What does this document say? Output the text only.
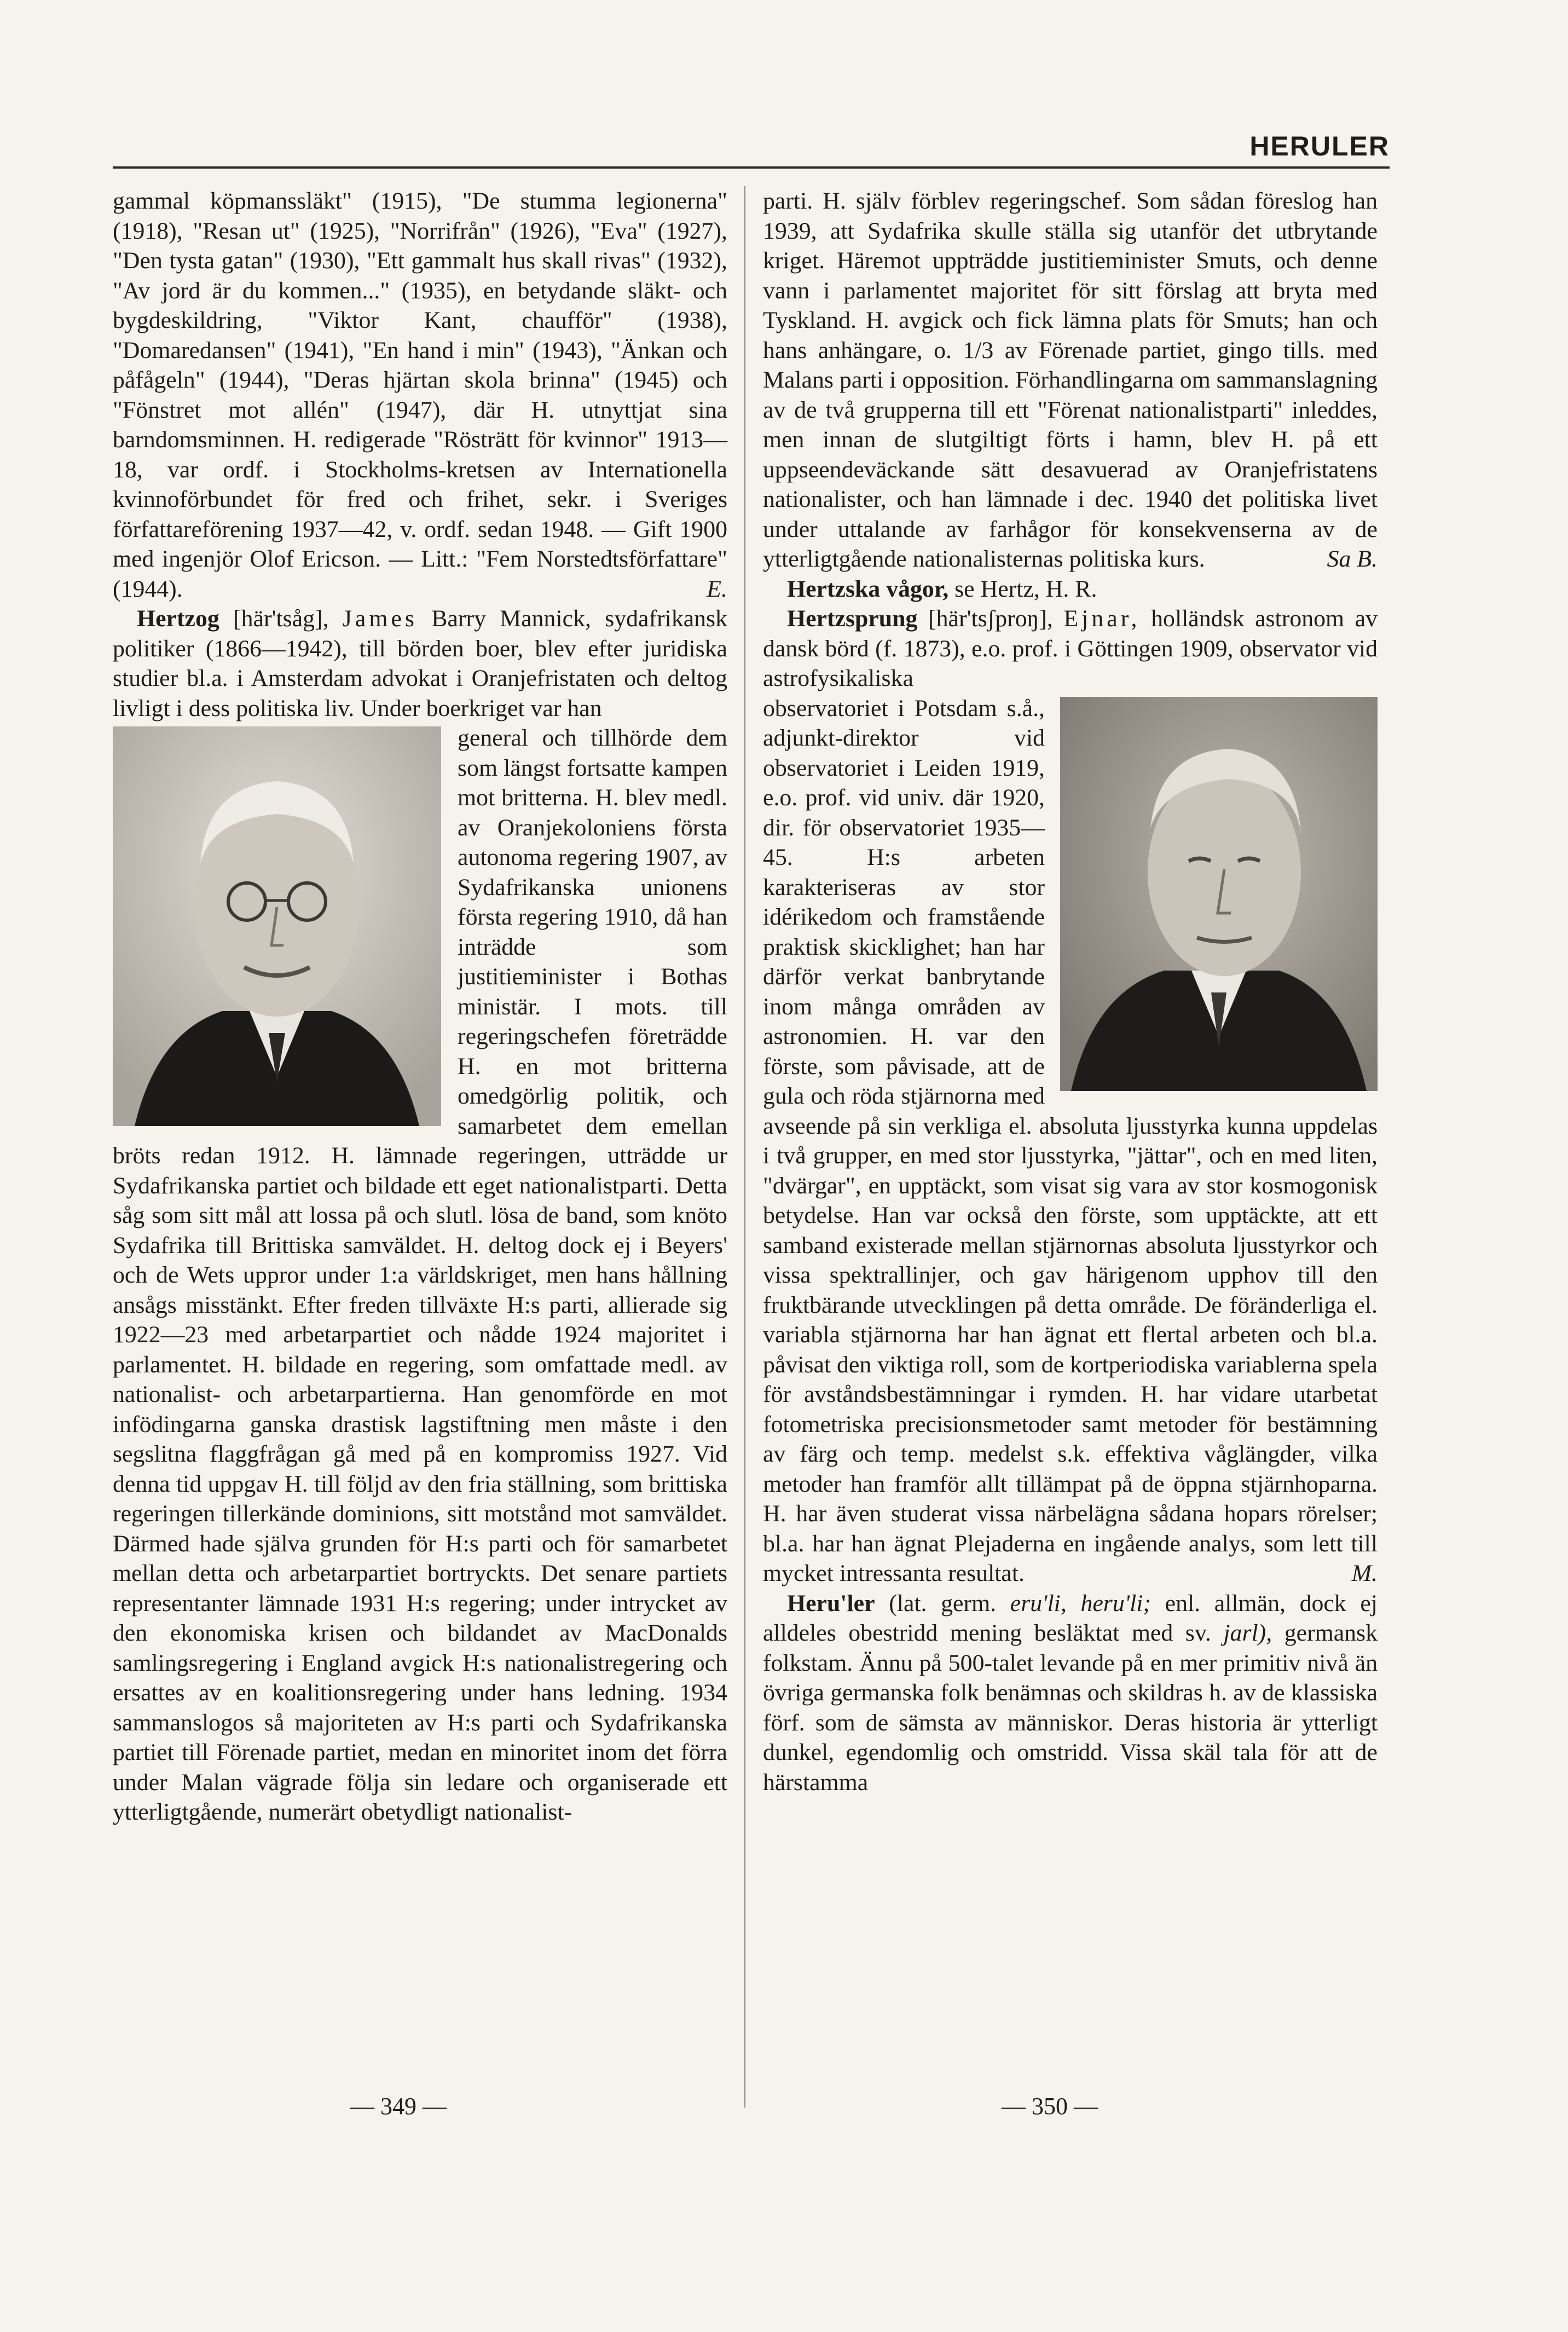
HERULER

gammal köpmanssläkt" (1915), "De stumma legionerna" (1918), "Resan ut" (1925), "Norrifrån" (1926), "Eva" (1927), "Den tysta gatan" (1930), "Ett gammalt hus skall rivas" (1932), "Av jord är du kommen..." (1935), en betydande släkt- och bygdeskildring, "Viktor Kant, chaufför" (1938), "Domaredansen" (1941), "En hand i min" (1943), "Änkan och påfågeln" (1944), "Deras hjärtan skola brinna" (1945) och "Fönstret mot allén" (1947), där H. utnyttjat sina barndomsminnen. H. redigerade "Rösträtt för kvinnor" 1913—18, var ordf. i Stockholms-kretsen av Internationella kvinnoförbundet för fred och frihet, sekr. i Sveriges författareförening 1937—42, v. ordf. sedan 1948. — Gift 1900 med ingenjör Olof Ericson. — Litt.: "Fem Norstedtsförfattare" (1944).	E.

Hertzog [här'tsåg], James Barry Mannick, sydafrikansk politiker (1866—1942), till börden boer, blev efter juridiska studier bl.a. i Amsterdam advokat i Oranjefristaten och deltog livligt i dess politiska liv. Under boerkriget var han

general och tillhörde dem som längst fortsatte kampen mot britterna. H. blev medl. av Oranjekoloniens första autonoma regering 1907, av Sydafrikanska unionens första regering 1910, då han inträdde som justitieminister i Bothas ministär. I mots. till regeringschefen företrädde H. en mot britterna omedgörlig politik, och samarbetet dem emellan bröts redan 1912. H. lämnade regeringen, utträdde ur Sydafrikanska partiet och bildade ett eget nationalistparti. Detta såg som sitt mål att lossa på och slutl. lösa de band, som knöto Sydafrika till Brittiska samväldet. H. deltog dock ej i Beyers' och de Wets uppror under 1:a världskriget, men hans hållning ansågs misstänkt. Efter freden tillväxte H:s parti, allierade sig 1922—23 med arbetarpartiet och nådde 1924 majoritet i parlamentet. H. bildade en regering, som omfattade medl. av nationalist- och arbetarpartierna. Han genomförde en mot infödingarna ganska drastisk lagstiftning men måste i den segslitna flaggfrågan gå med på en kompromiss 1927. Vid denna tid uppgav H. till följd av den fria ställning, som brittiska regeringen tillerkände dominions, sitt motstånd mot samväldet. Därmed hade själva grunden för H:s parti och för samarbetet mellan detta och arbetarpartiet bortryckts. Det senare partiets representanter lämnade 1931 H:s regering; under intrycket av den ekonomiska krisen och bildandet av MacDonalds samlingsregering i England avgick H:s nationalistregering och ersattes av en koalitionsregering under hans ledning. 1934 sammanslogos så majoriteten av H:s parti och Sydafrikanska partiet till Förenade partiet, medan en minoritet inom det förra under Malan vägrade följa sin ledare och organiserade ett ytterligtgående, numerärt obetydligt nationalist-

parti. H. själv förblev regeringschef. Som sådan föreslog han 1939, att Sydafrika skulle ställa sig utanför det utbrytande kriget. Häremot uppträdde justitieminister Smuts, och denne vann i parlamentet majoritet för sitt förslag att bryta med Tyskland. H. avgick och fick lämna plats för Smuts; han och hans anhängare, o. 1/3 av Förenade partiet, gingo tills. med Malans parti i opposition. Förhandlingarna om sammanslagning av de två grupperna till ett "Förenat nationalistparti" inleddes, men innan de slutgiltigt förts i hamn, blev H. på ett uppseendeväckande sätt desavuerad av Oranjefristatens nationalister, och han lämnade i dec. 1940 det politiska livet under uttalande av farhågor för konsekvenserna av de ytterligtgående nationalisternas politiska kurs.	Sa B.

Hertzska vågor, se Hertz, H. R.

Hertzsprung [här'tsʃproŋ], Ejnar, holländsk astronom av dansk börd (f. 1873), e.o. prof. i Göttingen 1909, observator vid astrofysikaliska

observatoriet i Potsdam s.å., adjunkt-direktor vid observatoriet i Leiden 1919, e.o. prof. vid univ. där 1920, dir. för observatoriet 1935—45. H:s arbeten karakteriseras av stor idérikedom och framstående praktisk skicklighet; han har därför verkat banbrytande inom många områden av astronomien. H. var den förste, som påvisade, att de gula och röda stjärnorna med avseende på sin verkliga el. absoluta ljusstyrka kunna uppdelas i två grupper, en med stor ljusstyrka, "jättar", och en med liten, "dvärgar", en upptäckt, som visat sig vara av stor kosmogonisk betydelse. Han var också den förste, som upptäckte, att ett samband existerade mellan stjärnornas absoluta ljusstyrkor och vissa spektrallinjer, och gav härigenom upphov till den fruktbärande utvecklingen på detta område. De föränderliga el. variabla stjärnorna har han ägnat ett flertal arbeten och bl.a. påvisat den viktiga roll, som de kortperiodiska variablerna spela för avståndsbestämningar i rymden. H. har vidare utarbetat fotometriska precisionsmetoder samt metoder för bestämning av färg och temp. medelst s.k. effektiva våglängder, vilka metoder han framför allt tillämpat på de öppna stjärnhoparna. H. har även studerat vissa närbelägna sådana hopars rörelser; bl.a. har han ägnat Plejaderna en ingående analys, som lett till mycket intressanta resultat.	M.

Heru'ler (lat. germ. eru'li, heru'li; enl. allmän, dock ej alldeles obestridd mening besläktat med sv. jarl), germansk folkstam. Ännu på 500-talet levande på en mer primitiv nivå än övriga germanska folk benämnas och skildras h. av de klassiska förf. som de sämsta av människor. Deras historia är ytterligt dunkel, egendomlig och omstridd. Vissa skäl tala för att de härstamma

— 349 —	— 350 —
